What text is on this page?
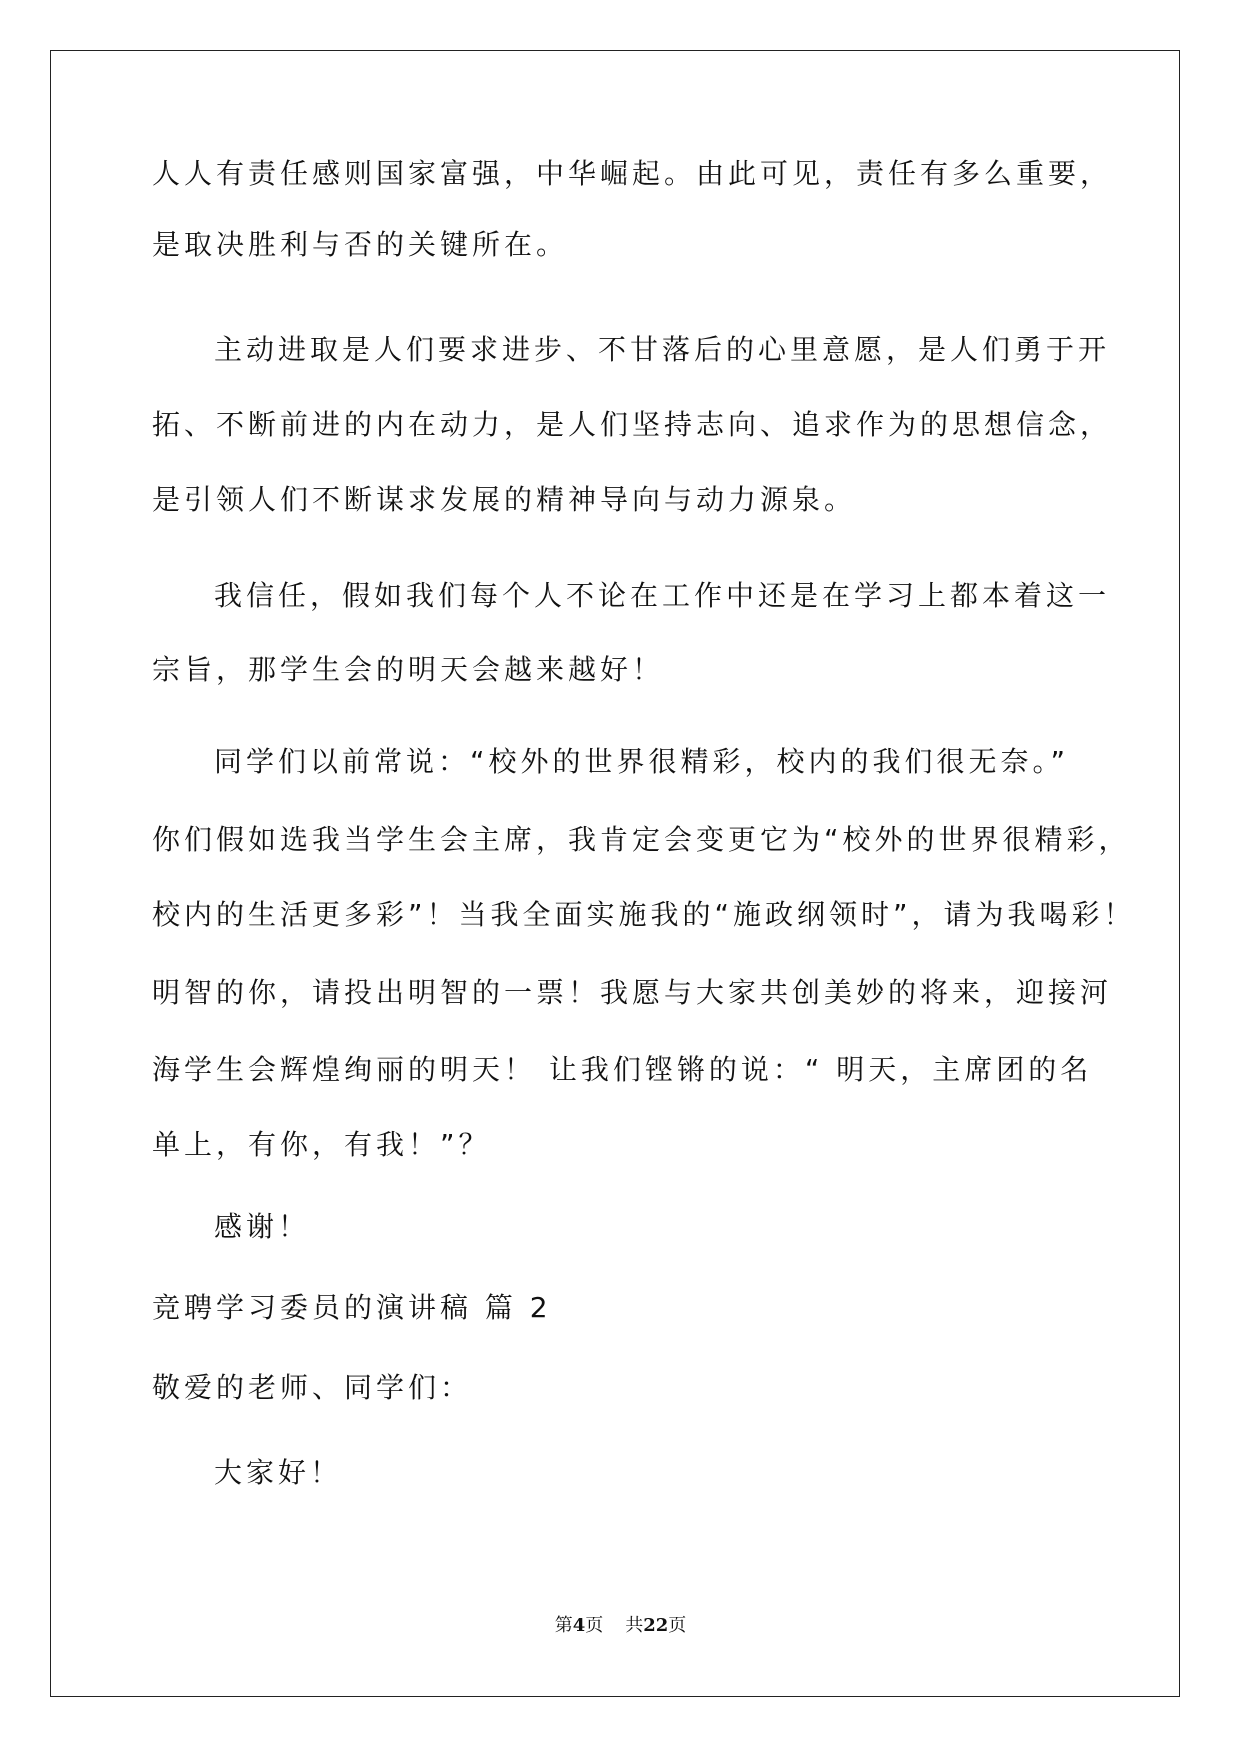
人人有责任感则国家富强，中华崛起。由此可见，责任有多么重要，
是取决胜利与否的关键所在。
主动进取是人们要求进步、不甘落后的心里意愿，是人们勇于开
拓、不断前进的内在动力，是人们坚持志向、追求作为的思想信念，
是引领人们不断谋求发展的精神导向与动力源泉。
我信任，假如我们每个人不论在工作中还是在学习上都本着这一
宗旨，那学生会的明天会越来越好！
同学们以前常说：“校外的世界很精彩，校内的我们很无奈。”
你们假如选我当学生会主席，我肯定会变更它为“校外的世界很精彩，
校内的生活更多彩”！当我全面实施我的“施政纲领时”，请为我喝彩！
明智的你，请投出明智的一票！我愿与大家共创美妙的将来，迎接河
海学生会辉煌绚丽的明天！ 让我们铿锵的说：“ 明天，主席团的名
单上，有你，有我！”？
感谢！
竞聘学习委员的演讲稿 篇 2
敬爱的老师、同学们：
大家好！
第4页 共22页
